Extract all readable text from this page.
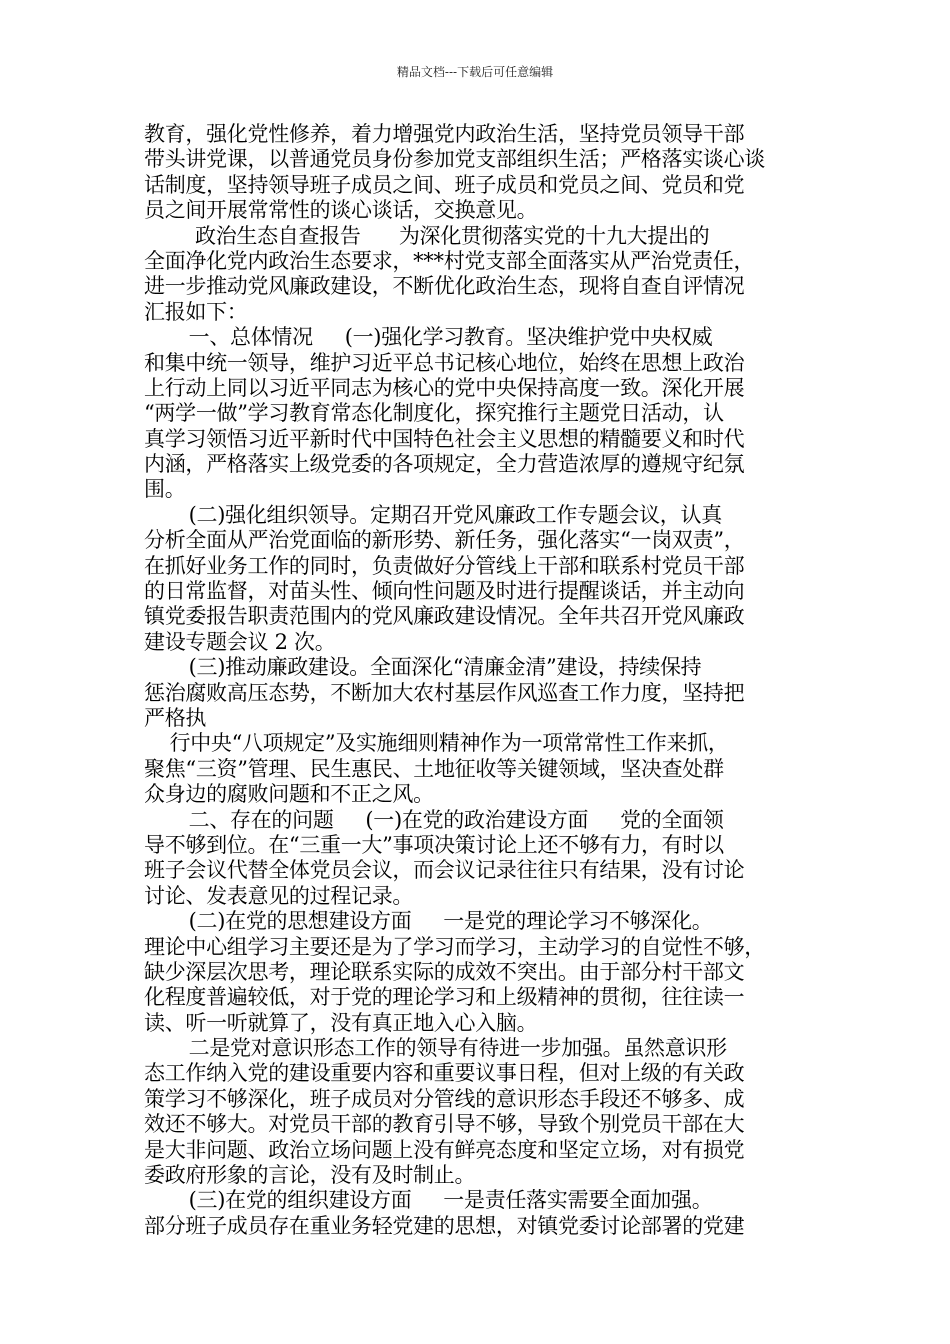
精品文档---下载后可任意编辑
教育，强化党性修养，着力增强党内政治生活，坚持党员领导干部
带头讲党课，以普通党员身份参加党支部组织生活；严格落实谈心谈
话制度，坚持领导班子成员之间、班子成员和党员之间、党员和党
员之间开展常常性的谈心谈话，交换意见。
政治生态自查报告      为深化贯彻落实党的十九大提出的
全面净化党内政治生态要求，***村党支部全面落实从严治党责任，
进一步推动党风廉政建设，不断优化政治生态，现将自查自评情况
汇报如下：
一、总体情况     (一)强化学习教育。坚决维护党中央权威
和集中统一领导，维护习近平总书记核心地位，始终在思想上政治
上行动上同以习近平同志为核心的党中央保持高度一致。深化开展
“两学一做”学习教育常态化制度化，探究推行主题党日活动，认
真学习领悟习近平新时代中国特色社会主义思想的精髓要义和时代
内涵，严格落实上级党委的各项规定，全力营造浓厚的遵规守纪氛
围。
(二)强化组织领导。定期召开党风廉政工作专题会议，认真
分析全面从严治党面临的新形势、新任务，强化落实“一岗双责”，
在抓好业务工作的同时，负责做好分管线上干部和联系村党员干部
的日常监督，对苗头性、倾向性问题及时进行提醒谈话，并主动向
镇党委报告职责范围内的党风廉政建设情况。全年共召开党风廉政
建设专题会议 2 次。
(三)推动廉政建设。全面深化“清廉金清”建设，持续保持
惩治腐败高压态势，不断加大农村基层作风巡查工作力度，坚持把
严格执
行中央“八项规定”及实施细则精神作为一项常常性工作来抓，
聚焦“三资”管理、民生惠民、土地征收等关键领域，坚决查处群
众身边的腐败问题和不正之风。
二、存在的问题     (一)在党的政治建设方面     党的全面领
导不够到位。在“三重一大”事项决策讨论上还不够有力，有时以
班子会议代替全体党员会议，而会议记录往往只有结果，没有讨论
讨论、发表意见的过程记录。
(二)在党的思想建设方面     一是党的理论学习不够深化。
理论中心组学习主要还是为了学习而学习，主动学习的自觉性不够，
缺少深层次思考，理论联系实际的成效不突出。由于部分村干部文
化程度普遍较低，对于党的理论学习和上级精神的贯彻，往往读一
读、听一听就算了，没有真正地入心入脑。
二是党对意识形态工作的领导有待进一步加强。虽然意识形
态工作纳入党的建设重要内容和重要议事日程，但对上级的有关政
策学习不够深化，班子成员对分管线的意识形态手段还不够多、成
效还不够大。对党员干部的教育引导不够，导致个别党员干部在大
是大非问题、政治立场问题上没有鲜亮态度和坚定立场，对有损党
委政府形象的言论，没有及时制止。
(三)在党的组织建设方面     一是责任落实需要全面加强。
部分班子成员存在重业务轻党建的思想，对镇党委讨论部署的党建
